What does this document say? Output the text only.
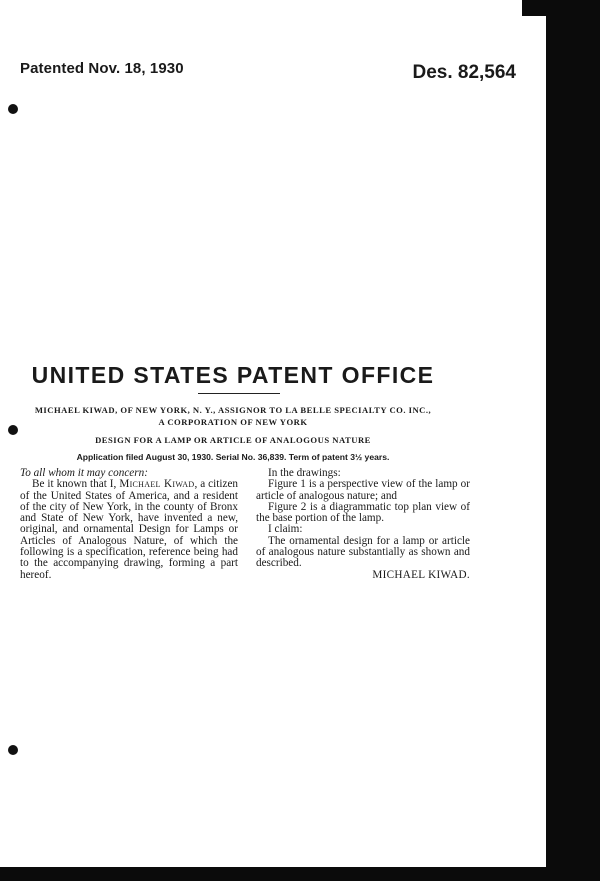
Patented Nov. 18, 1930	Des. 82,564
UNITED STATES PATENT OFFICE
MICHAEL KIWAD, OF NEW YORK, N. Y., ASSIGNOR TO LA BELLE SPECIALTY CO. INC.,
A CORPORATION OF NEW YORK
DESIGN FOR A LAMP OR ARTICLE OF ANALOGOUS NATURE
Application filed August 30, 1930. Serial No. 36,839. Term of patent 3½ years.

To all whom it may concern:

Be it known that I, Michael Kiwad, a citizen of the United States of America, and a resident of the city of New York, in the county of Bronx and State of New York, have invented a new, original, and ornamental Design for Lamps or Articles of Analogous Nature, of which the following is a specification, reference being had to the accompanying drawing, forming a part hereof.

In the drawings:

Figure 1 is a perspective view of the lamp or article of analogous nature; and

Figure 2 is a diagrammatic top plan view of the base portion of the lamp.

I claim:

The ornamental design for a lamp or article of analogous nature substantially as shown and described.

MICHAEL KIWAD.
